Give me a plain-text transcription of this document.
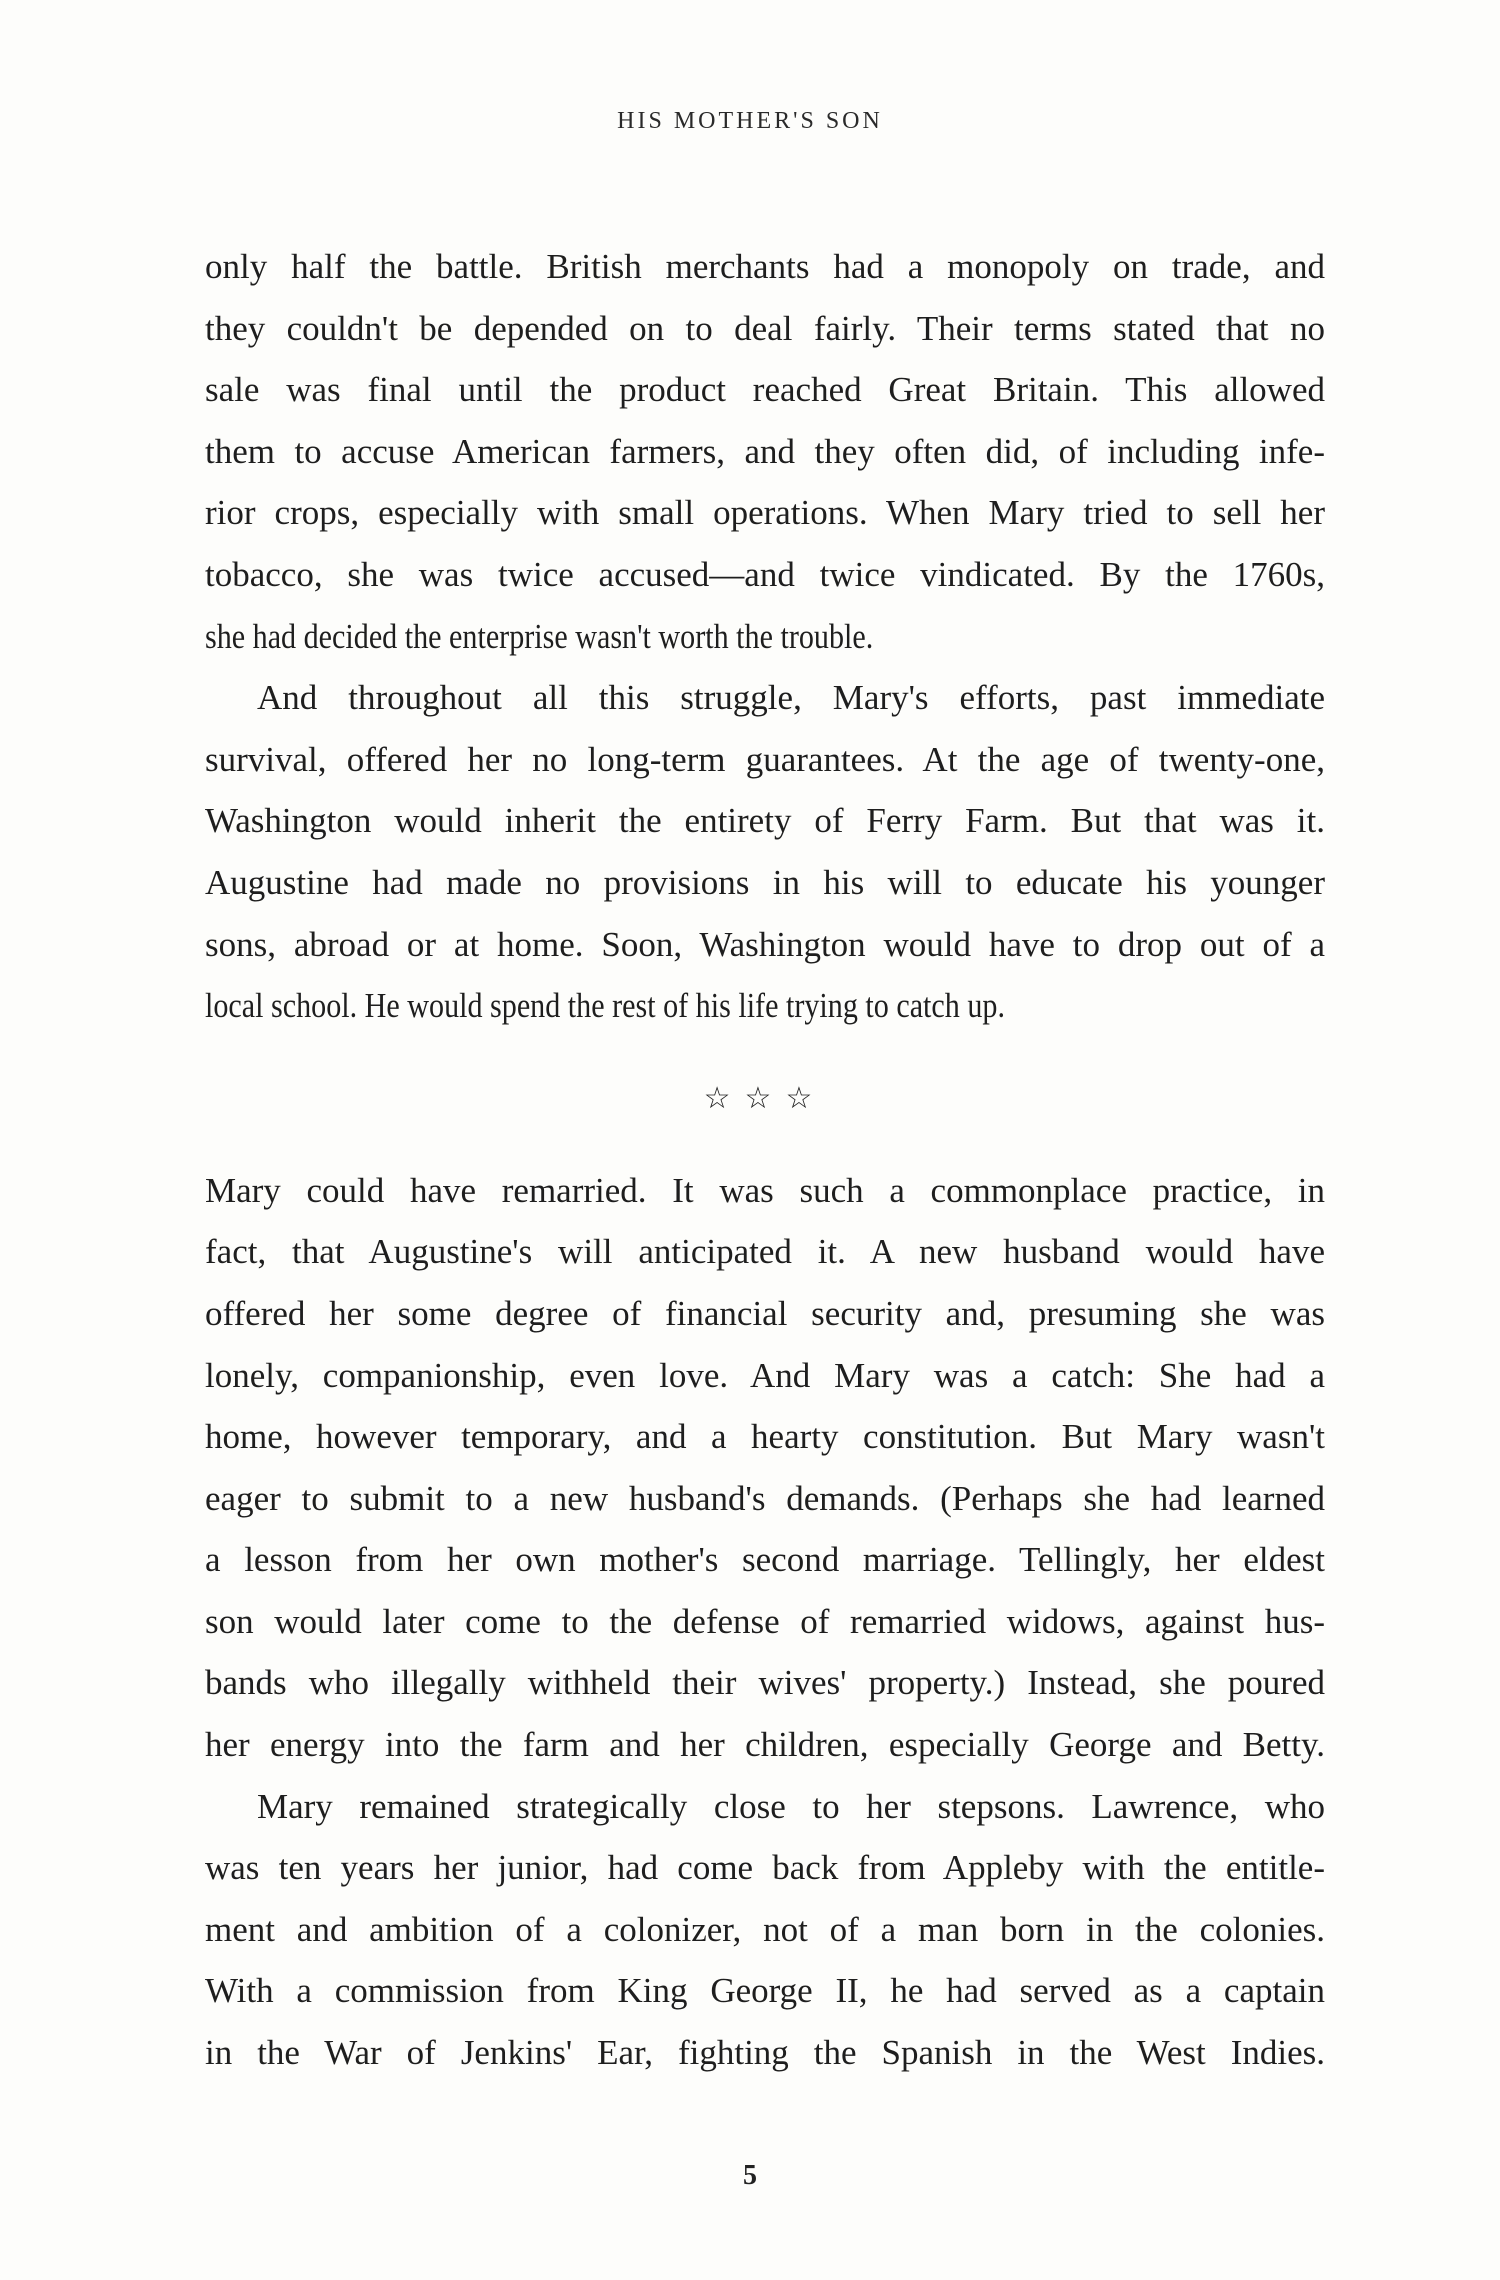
HIS MOTHER'S SON
only half the battle. British merchants had a monopoly on trade, and
they couldn't be depended on to deal fairly. Their terms stated that no
sale was final until the product reached Great Britain. This allowed
them to accuse American farmers, and they often did, of including infe-
rior crops, especially with small operations. When Mary tried to sell her
tobacco, she was twice accused—and twice vindicated. By the 1760s,
she had decided the enterprise wasn't worth the trouble.
And throughout all this struggle, Mary's efforts, past immediate
survival, offered her no long-term guarantees. At the age of twenty-one,
Washington would inherit the entirety of Ferry Farm. But that was it.
Augustine had made no provisions in his will to educate his younger
sons, abroad or at home. Soon, Washington would have to drop out of a
local school. He would spend the rest of his life trying to catch up.
☆☆☆
Mary could have remarried. It was such a commonplace practice, in
fact, that Augustine's will anticipated it. A new husband would have
offered her some degree of financial security and, presuming she was
lonely, companionship, even love. And Mary was a catch: She had a
home, however temporary, and a hearty constitution. But Mary wasn't
eager to submit to a new husband's demands. (Perhaps she had learned
a lesson from her own mother's second marriage. Tellingly, her eldest
son would later come to the defense of remarried widows, against hus-
bands who illegally withheld their wives' property.) Instead, she poured
her energy into the farm and her children, especially George and Betty.
Mary remained strategically close to her stepsons. Lawrence, who
was ten years her junior, had come back from Appleby with the entitle-
ment and ambition of a colonizer, not of a man born in the colonies.
With a commission from King George II, he had served as a captain
in the War of Jenkins' Ear, fighting the Spanish in the West Indies.
5
